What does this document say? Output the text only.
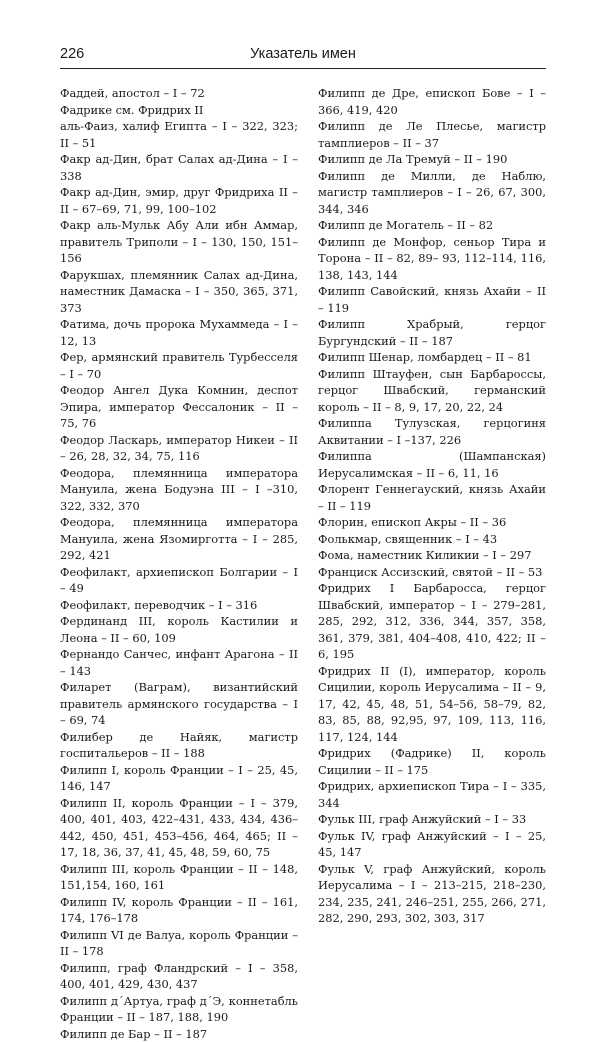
226	Указатель имен

Фаддей, апостол – I – 72

Фадрике см. Фридрих II

аль-Фаиз, халиф Египта – I – 322, 323; II – 51

Факр ад-Дин, брат Салах ад-Дина – I – 338

Факр ад-Дин, эмир, друг Фридриха II – II – 67–69, 71, 99, 100–102

Факр аль-Мульк Абу Али ибн Аммар, правитель Триполи – I – 130, 150, 151–156

Фарукшах, племянник Салах ад-Дина, наместник Дамаска – I – 350, 365, 371, 373

Фатима, дочь пророка Мухаммеда – I – 12, 13

Фер, армянский правитель Турбесселя – I – 70

Феодор Ангел Дука Комнин, деспот Эпира, император Фессалоник – II – 75, 76

Феодор Ласкарь, император Никеи – II – 26, 28, 32, 34, 75, 116

Феодора, племянница императора Мануила, жена Бодуэна III – I –310, 322, 332, 370

Феодора, племянница императора Мануила, жена Язомирготта – I – 285, 292, 421

Феофилакт, архиепископ Болгарии – I – 49

Феофилакт, переводчик – I – 316

Фердинанд III, король Кастилии и Леона – II – 60, 109

Фернандо Санчес, инфант Арагона – II – 143

Филарет (Ваграм), византийский правитель армянского государства – I – 69, 74

Филибер де Найяк, магистр госпитальеров – II – 188

Филипп I, король Франции – I – 25, 45, 146, 147

Филипп II, король Франции – I – 379, 400, 401, 403, 422–431, 433, 434, 436–442, 450, 451, 453–456, 464, 465; II – 17, 18, 36, 37, 41, 45, 48, 59, 60, 75

Филипп III, король Франции – II – 148, 151,154, 160, 161

Филипп IV, король Франции – II – 161, 174, 176–178

Филипп VI де Валуа, король Франции – II – 178

Филипп, граф Фландрский – I – 358, 400, 401, 429, 430, 437

Филипп д´Артуа, граф д´Э, коннетабль Франции – II – 187, 188, 190

Филипп де Бар – II – 187

Филипп де Дре, епископ Бове – I – 366, 419, 420

Филипп де Ле Плесье, магистр тамплиеров – II – 37

Филипп де Ла Тремуй – II – 190

Филипп де Милли, де Наблю, магистр тамплиеров – I – 26, 67, 300, 344, 346

Филипп де Могатель – II – 82

Филипп де Монфор, сеньор Тира и Торона – II – 82, 89– 93, 112–114, 116, 138, 143, 144

Филипп Савойский, князь Ахайи – II – 119

Филипп Храбрый, герцог Бургундский – II – 187

Филипп Шенар, ломбардец – II – 81

Филипп Штауфен, сын Барбароссы, герцог Швабский, германский король – II – 8, 9, 17, 20, 22, 24

Филиппа Тулузская, герцогиня Аквитании – I –137, 226

Филиппа (Шампанская) Иерусалимская – II – 6, 11, 16

Флорент Геннегауский, князь Ахайи – II – 119

Флорин, епископ Акры – II – 36

Фолькмар, священник – I – 43

Фома, наместник Киликии – I – 297

Франциск Ассизский, святой – II – 53

Фридрих I Барбаросса, герцог Швабский, император – I – 279–281, 285, 292, 312, 336, 344, 357, 358, 361, 379, 381, 404–408, 410, 422; II – 6, 195

Фридрих II (I), император, король Сицилии, король Иерусалима – II – 9, 17, 42, 45, 48, 51, 54–56, 58–79, 82, 83, 85, 88, 92,95, 97, 109, 113, 116, 117, 124, 144

Фридрих (Фадрике) II, король Сицилии – II – 175

Фридрих, архиепископ Тира – I – 335, 344

Фульк III, граф Анжуйский – I – 33

Фульк IV, граф Анжуйский – I – 25, 45, 147

Фульк V, граф Анжуйский, король Иерусалима – I – 213–215, 218–230, 234, 235, 241, 246–251, 255, 266, 271, 282, 290, 293, 302, 303, 317
